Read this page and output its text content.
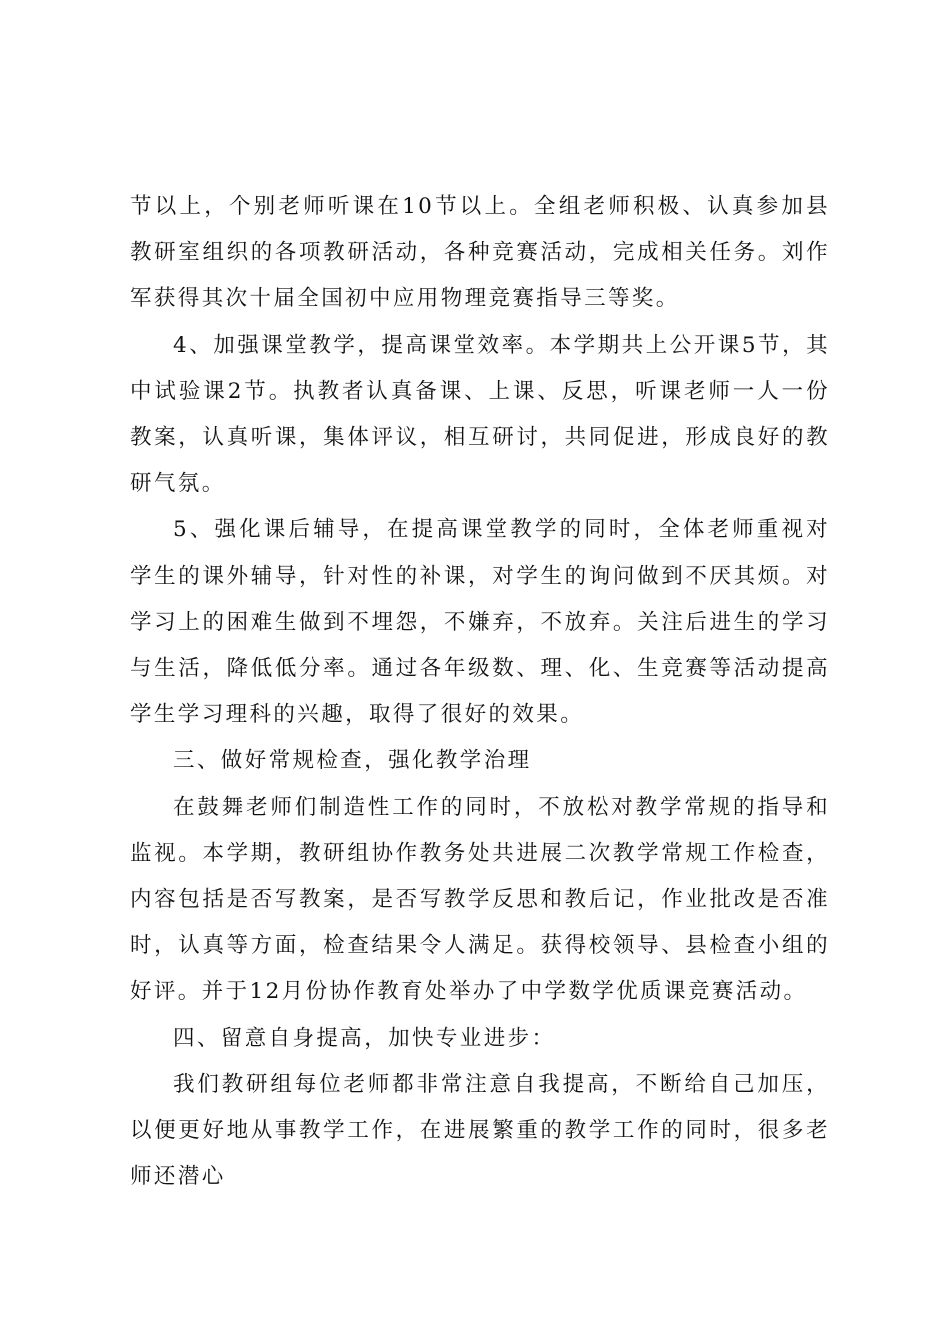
节以上，个别老师听课在10节以上。全组老师积极、认真参加县教研室组织的各项教研活动，各种竞赛活动，完成相关任务。刘作军获得其次十届全国初中应用物理竞赛指导三等奖。

4、加强课堂教学，提高课堂效率。本学期共上公开课5节，其中试验课2节。执教者认真备课、上课、反思，听课老师一人一份教案，认真听课，集体评议，相互研讨，共同促进，形成良好的教研气氛。

5、强化课后辅导，在提高课堂教学的同时，全体老师重视对学生的课外辅导，针对性的补课，对学生的询问做到不厌其烦。对学习上的困难生做到不埋怨，不嫌弃，不放弃。关注后进生的学习与生活，降低低分率。通过各年级数、理、化、生竞赛等活动提高学生学习理科的兴趣，取得了很好的效果。

三、做好常规检查，强化教学治理

在鼓舞老师们制造性工作的同时，不放松对教学常规的指导和监视。本学期，教研组协作教务处共进展二次教学常规工作检查，内容包括是否写教案，是否写教学反思和教后记，作业批改是否准时，认真等方面，检查结果令人满足。获得校领导、县检查小组的好评。并于12月份协作教育处举办了中学数学优质课竞赛活动。

四、留意自身提高，加快专业进步：

我们教研组每位老师都非常注意自我提高，不断给自己加压，以便更好地从事教学工作，在进展繁重的教学工作的同时，很多老师还潜心
